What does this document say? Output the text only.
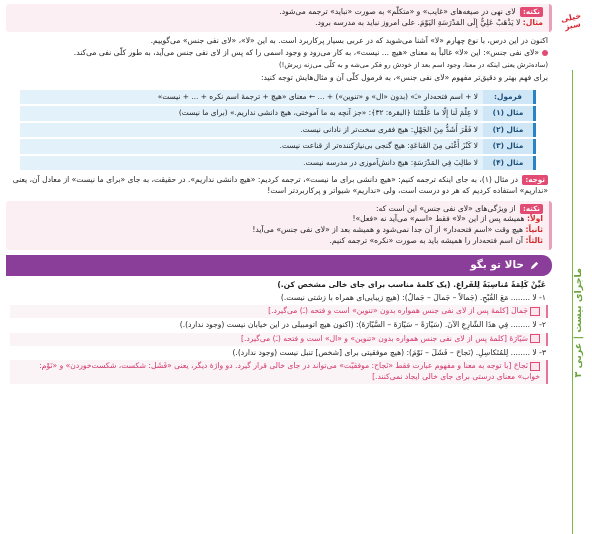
خیلی سبز
ماجرای بیست | عربی ۳
نکته: لای نهی در صیغه‌های «غایب» و «متکلّم» به صورت «نباید» ترجمه می‌شود.
مثال: لا يَذْهَبْ عَلِيٌّ إِلَى المَدْرَسَةِ اليَوْمَ. علی امروز نباید به مدرسه برود.
اکنون در این درس، با نوع چهارم «لا» آشنا می‌شوید که در عربی بسیار پرکاربرد است. به این «لا»، «لای نفی جنس» می‌گوییم.
«لای نفی جنس»: این «لا» غالباً به معنای «هیچ ... نیست»، به کار می‌رود و وجود اسمی را که پس از لای نفی جنس می‌آید، به طور کلّی نفی می‌کند.
(ساده‌ترش یعنی اینکه در معنا، وجود اسم بعد از خودش رو فکر می‌شه و به کلّی می‌زنه زیرش!)
برای فهم بهتر و دقیق‌تر مفهوم «لای نفی جنس»، به فرمول کلّی آن و مثال‌هایش توجه کنید:
فرمول:	لا + اسم فتحه‌دار «ـَ» (بدون «ال» و «تنوین») + ... ← معنای «هیچ + ترجمهٔ اسم نکره + ... + نیست»
مثال (۱)	لا عِلْمَ لَنا إِلّا ما عَلَّمْتَنا ﴿البقرة: ۳۲﴾: «جز آنچه به ما آموختی، هیچ دانشی نداریم.» (برای ما نیست)
مثال (۲)	لا فَقْرَ أَشَدُّ مِنَ الجَهْلِ: هیچ فقری سخت‌تر از نادانی نیست.
مثال (۳)	لا كَنْزَ أَغْنَى مِنَ القَناعَةِ: هیچ گنجی بی‌نیازکننده‌تر از قناعت نیست.
مثال (۴)	لا طالِبَ فِي المَدْرَسَةِ: هیچ دانش‌آموزی در مدرسه نیست.
توجه: در مثال (۱)، به جای اینکه ترجمه کنیم: «هیچ دانشی برای ما نیست»، ترجمه کردیم: «هیچ دانشی نداریم». در حقیقت، به جای «برای ما نیست» از معادل آن، یعنی «نداریم» استفاده کردیم که هر دو درست است، ولی «نداریم» شیواتر و پرکاربردتر است!
نکته: از ویژگی‌های «لای نفی جنس» این است که:
اولاً: همیشه پس از این «لا» فقط «اسم» می‌آید نه «فعل»!
ثانیاً: هیچ وقت «اسم فتحه‌دار» از آن جدا نمی‌شود و همیشه بعد از «لای نفی جنس» می‌آید!
ثالثاً: آن اسم فتحه‌دار را همیشه باید به صورت «نکره» ترجمه کنیم.
حالا تو بگو
عَيِّنْ كَلِمَةً مُناسِبَةً لِلفَراغِ. (یک کلمهٔ مناسب برای جای خالی مشخص کن.)
۱- لا ........ مَعَ القُبْحِ. (جَمالاً – جَمالَ – جَمالٌ): (هیچ زیبایی‌ای همراه با زشتی نیست.)
جَمالَ [کلمهٔ پس از لای نفی جنس همواره بدون «تنوین» است و فتحه (ـَ) می‌گیرد.]
۲- لا ........ فِي هذَا الشّارِعِ الآنَ. (سَيّارَةً – سَيّارَةَ – السَّيّارَةَ): (اکنون هیچ اتومبیلی در این خیابان نیست (وجود ندارد).)
سَيّارَةَ [کلمهٔ پس از لای نفی جنس همواره بدون «تنوین» و «ال» است و فتحه (ـَ) می‌گیرد.]
۳- لا ........ لِلمُتَكاسِلِ. (نَجاحَ – فَشَلَ – نَوْمَ): (هیچ موفقیتی برای [شخص] تنبل نیست (وجود ندارد).)
نَجاحَ [با توجه به معنا و مفهوم عبارت فقط «نَجاح: موفقیّت» می‌تواند در جای خالی قرار گیرد. دو واژهٔ دیگر، یعنی «فَشَل: شکست، شکست‌خوردن» و «نَوْم: خواب» معنای درستی برای جای خالی ایجاد نمی‌کنند.]
